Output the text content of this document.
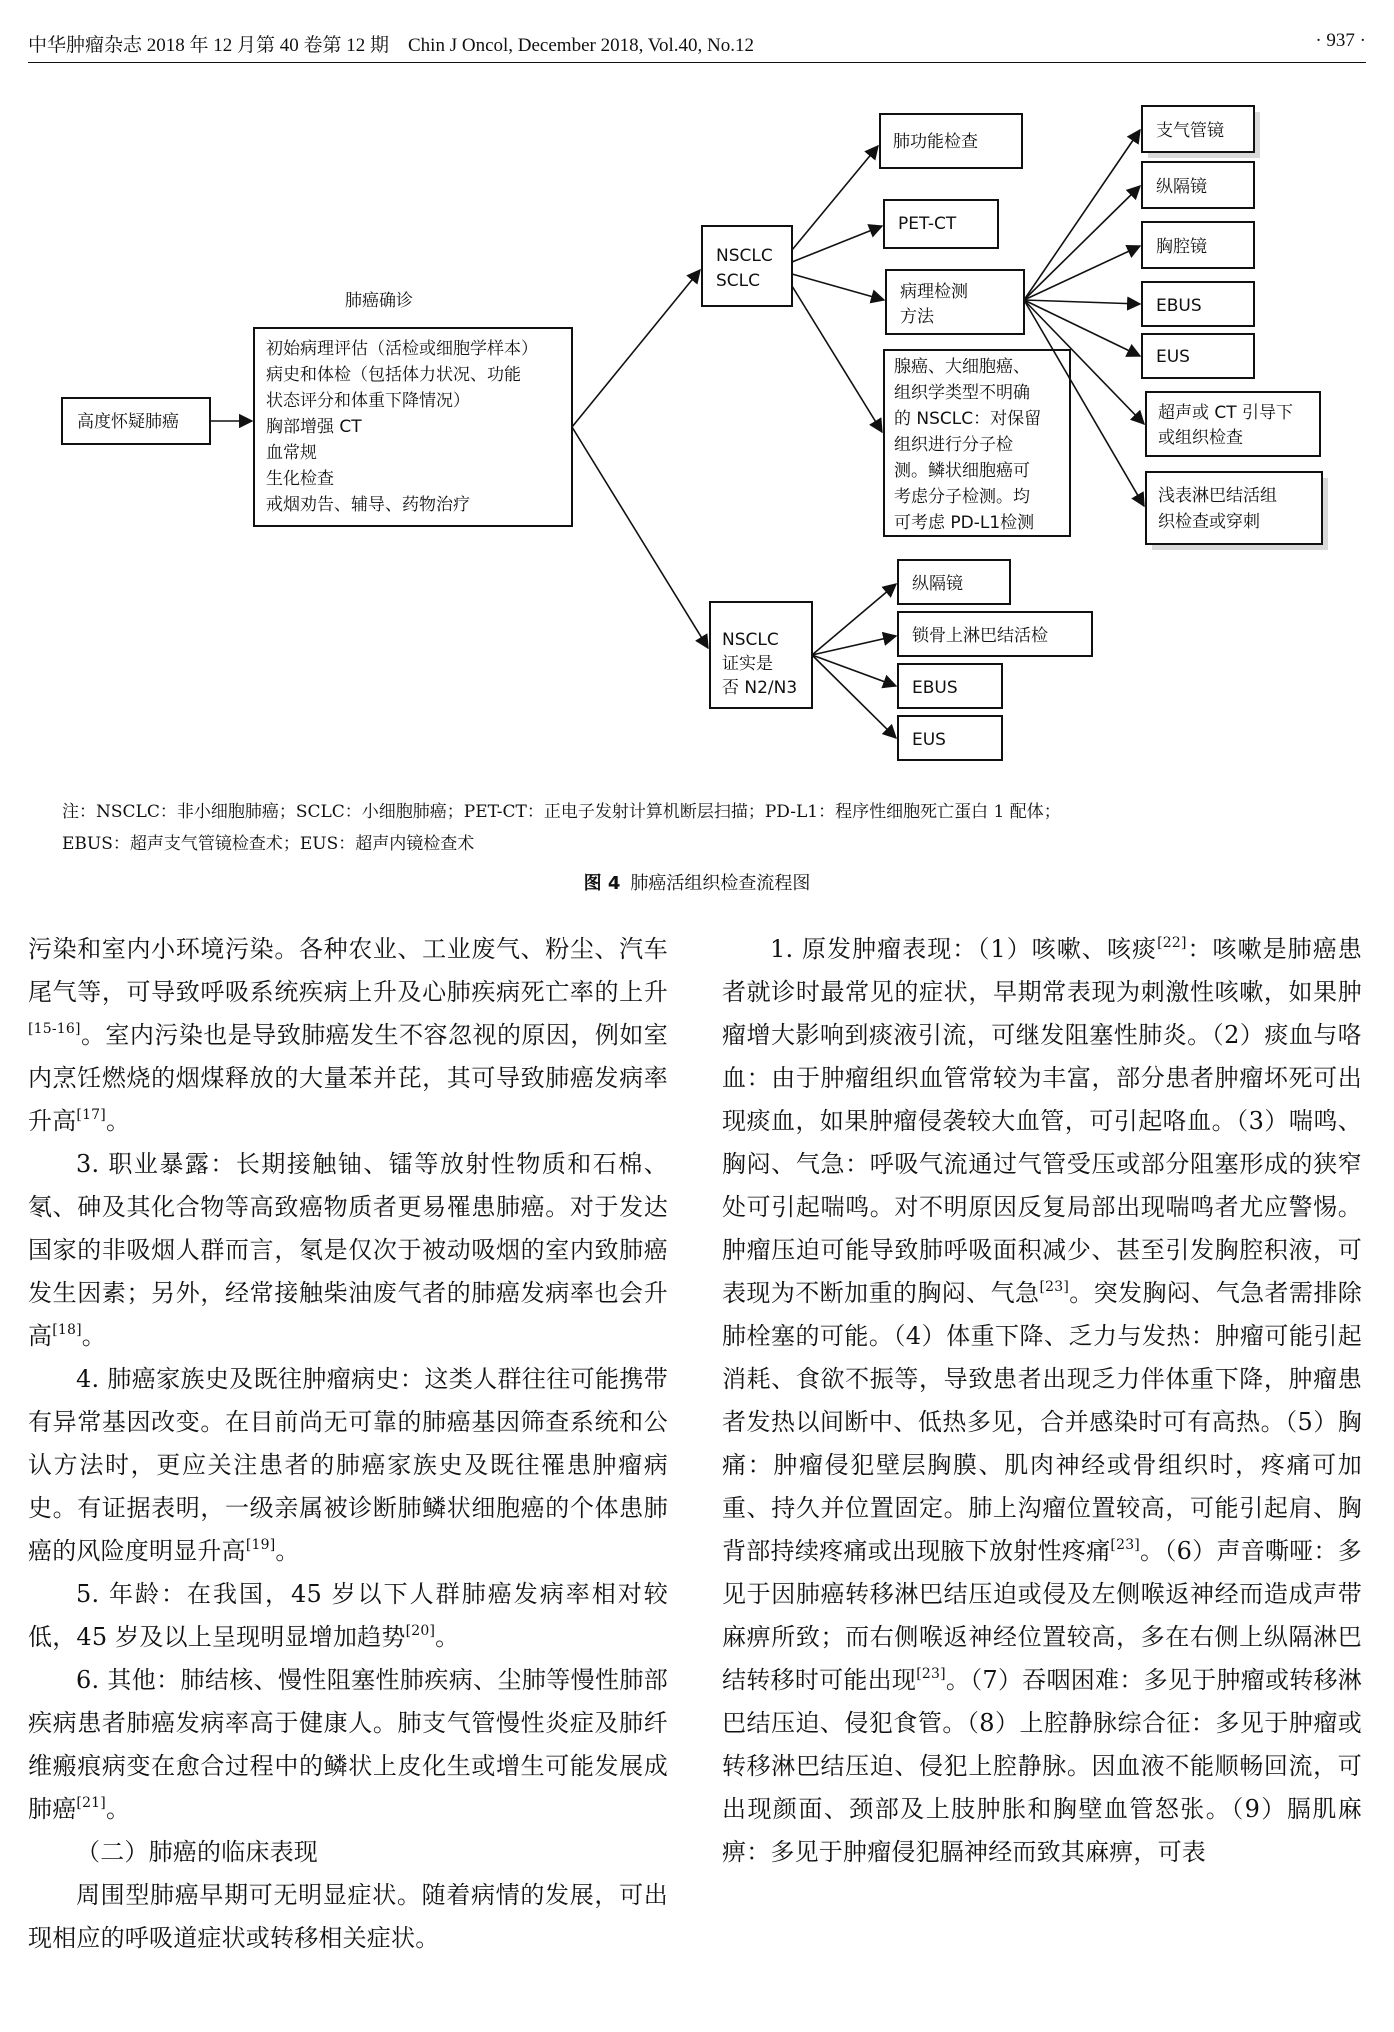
中华肿瘤杂志 2018 年 12 月第 40 卷第 12 期　Chin J Oncol, December 2018, Vol.40, No.12	· 937 ·
肺癌确诊
高度怀疑肺癌
初始病理评估（活检或细胞学样本） 病史和体检（包括体力状况、功能 状态评分和体重下降情况） 胸部增强 CT 血常规 生化检查 戒烟劝告、辅导、药物治疗
NSCLC SCLC
NSCLC 证实是 否 N2/N3
肺功能检查
PET-CT
病理检测 方法
腺癌、大细胞癌、 组织学类型不明确 的 NSCLC：对保留 组织进行分子检 测。鳞状细胞癌可 考虑分子检测。均 可考虑 PD-L1检测
支气管镜
纵隔镜
胸腔镜
EBUS
EUS
超声或 CT 引导下 或组织检查
浅表淋巴结活组 织检查或穿刺
纵隔镜
锁骨上淋巴结活检
EBUS
EUS
注：NSCLC：非小细胞肺癌；SCLC：小细胞肺癌；PET-CT：正电子发射计算机断层扫描；PD-L1：程序性细胞死亡蛋白 1 配体；
EBUS：超声支气管镜检查术；EUS：超声内镜检查术
图 4 肺癌活组织检查流程图

污染和室内小环境污染。各种农业、工业废气、粉尘、汽车尾气等，可导致呼吸系统疾病上升及心肺疾病死亡率的上升[15-16]。室内污染也是导致肺癌发生不容忽视的原因，例如室内烹饪燃烧的烟煤释放的大量苯并芘，其可导致肺癌发病率升高[17]。

3. 职业暴露：长期接触铀、镭等放射性物质和石棉、氡、砷及其化合物等高致癌物质者更易罹患肺癌。对于发达国家的非吸烟人群而言，氡是仅次于被动吸烟的室内致肺癌发生因素；另外，经常接触柴油废气者的肺癌发病率也会升高[18]。

4. 肺癌家族史及既往肿瘤病史：这类人群往往可能携带有异常基因改变。在目前尚无可靠的肺癌基因筛查系统和公认方法时，更应关注患者的肺癌家族史及既往罹患肿瘤病史。有证据表明，一级亲属被诊断肺鳞状细胞癌的个体患肺癌的风险度明显升高[19]。

5. 年龄：在我国，45 岁以下人群肺癌发病率相对较低，45 岁及以上呈现明显增加趋势[20]。

6. 其他：肺结核、慢性阻塞性肺疾病、尘肺等慢性肺部疾病患者肺癌发病率高于健康人。肺支气管慢性炎症及肺纤维瘢痕病变在愈合过程中的鳞状上皮化生或增生可能发展成肺癌[21]。

（二）肺癌的临床表现

周围型肺癌早期可无明显症状。随着病情的发展，可出现相应的呼吸道症状或转移相关症状。

1. 原发肿瘤表现：（1）咳嗽、咳痰[22]：咳嗽是肺癌患者就诊时最常见的症状，早期常表现为刺激性咳嗽，如果肿瘤增大影响到痰液引流，可继发阻塞性肺炎。（2）痰血与咯血：由于肿瘤组织血管常较为丰富，部分患者肿瘤坏死可出现痰血，如果肿瘤侵袭较大血管，可引起咯血。（3）喘鸣、胸闷、气急：呼吸气流通过气管受压或部分阻塞形成的狭窄处可引起喘鸣。对不明原因反复局部出现喘鸣者尤应警惕。肿瘤压迫可能导致肺呼吸面积减少、甚至引发胸腔积液，可表现为不断加重的胸闷、气急[23]。突发胸闷、气急者需排除肺栓塞的可能。（4）体重下降、乏力与发热：肿瘤可能引起消耗、食欲不振等，导致患者出现乏力伴体重下降，肿瘤患者发热以间断中、低热多见，合并感染时可有高热。（5）胸痛：肿瘤侵犯壁层胸膜、肌肉神经或骨组织时，疼痛可加重、持久并位置固定。肺上沟瘤位置较高，可能引起肩、胸背部持续疼痛或出现腋下放射性疼痛[23]。（6）声音嘶哑：多见于因肺癌转移淋巴结压迫或侵及左侧喉返神经而造成声带麻痹所致；而右侧喉返神经位置较高，多在右侧上纵隔淋巴结转移时可能出现[23]。（7）吞咽困难：多见于肿瘤或转移淋巴结压迫、侵犯食管。（8）上腔静脉综合征：多见于肿瘤或转移淋巴结压迫、侵犯上腔静脉。因血液不能顺畅回流，可出现颜面、颈部及上肢肿胀和胸壁血管怒张。（9）膈肌麻痹：多见于肿瘤侵犯膈神经而致其麻痹，可表
